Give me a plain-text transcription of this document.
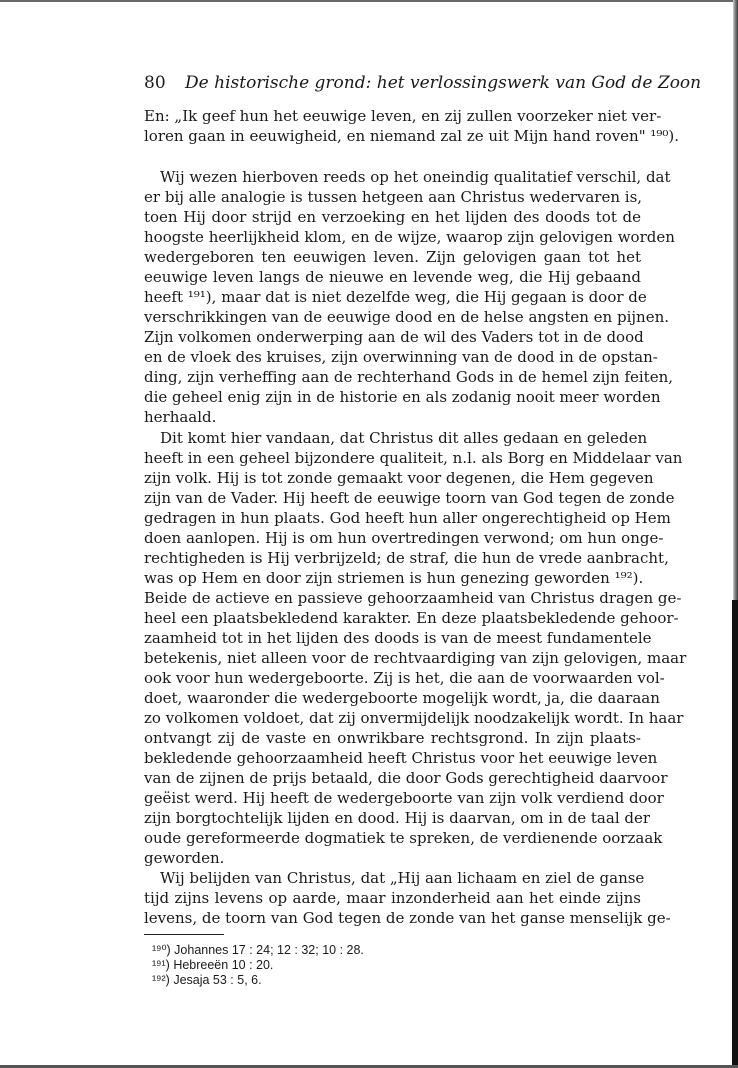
80 De historische grond: het verlossingswerk van God de Zoon
En: „Ik geef hun het eeuwige leven, en zij zullen voorzeker niet ver-
loren gaan in eeuwigheid, en niemand zal ze uit Mijn hand roven" ¹⁹⁰).
Wij wezen hierboven reeds op het oneindig qualitatief verschil, dat
er bij alle analogie is tussen hetgeen aan Christus wedervaren is,
toen Hij door strijd en verzoeking en het lijden des doods tot de
hoogste heerlijkheid klom, en de wijze, waarop zijn gelovigen worden
wedergeboren ten eeuwigen leven. Zijn gelovigen gaan tot het
eeuwige leven langs de nieuwe en levende weg, die Hij gebaand
heeft ¹⁹¹), maar dat is niet dezelfde weg, die Hij gegaan is door de
verschrikkingen van de eeuwige dood en de helse angsten en pijnen.
Zijn volkomen onderwerping aan de wil des Vaders tot in de dood
en de vloek des kruises, zijn overwinning van de dood in de opstan-
ding, zijn verheffing aan de rechterhand Gods in de hemel zijn feiten,
die geheel enig zijn in de historie en als zodanig nooit meer worden
herhaald.
Dit komt hier vandaan, dat Christus dit alles gedaan en geleden
heeft in een geheel bijzondere qualiteit, n.l. als Borg en Middelaar van
zijn volk. Hij is tot zonde gemaakt voor degenen, die Hem gegeven
zijn van de Vader. Hij heeft de eeuwige toorn van God tegen de zonde
gedragen in hun plaats. God heeft hun aller ongerechtigheid op Hem
doen aanlopen. Hij is om hun overtredingen verwond; om hun onge-
rechtigheden is Hij verbrijzeld; de straf, die hun de vrede aanbracht,
was op Hem en door zijn striemen is hun genezing geworden ¹⁹²).
Beide de actieve en passieve gehoorzaamheid van Christus dragen ge-
heel een plaatsbekledend karakter. En deze plaatsbekledende gehoor-
zaamheid tot in het lijden des doods is van de meest fundamentele
betekenis, niet alleen voor de rechtvaardiging van zijn gelovigen, maar
ook voor hun wedergeboorte. Zij is het, die aan de voorwaarden vol-
doet, waaronder die wedergeboorte mogelijk wordt, ja, die daaraan
zo volkomen voldoet, dat zij onvermijdelijk noodzakelijk wordt. In haar
ontvangt zij de vaste en onwrikbare rechtsgrond. In zijn plaats-
bekledende gehoorzaamheid heeft Christus voor het eeuwige leven
van de zijnen de prijs betaald, die door Gods gerechtigheid daarvoor
geëist werd. Hij heeft de wedergeboorte van zijn volk verdiend door
zijn borgtochtelijk lijden en dood. Hij is daarvan, om in de taal der
oude gereformeerde dogmatiek te spreken, de verdienende oorzaak
geworden.
Wij belijden van Christus, dat „Hij aan lichaam en ziel de ganse
tijd zijns levens op aarde, maar inzonderheid aan het einde zijns
levens, de toorn van God tegen de zonde van het ganse menselijk ge-
¹⁹⁰) Johannes 17 : 24; 12 : 32; 10 : 28.
¹⁹¹) Hebreeën 10 : 20.
¹⁹²) Jesaja 53 : 5, 6.
